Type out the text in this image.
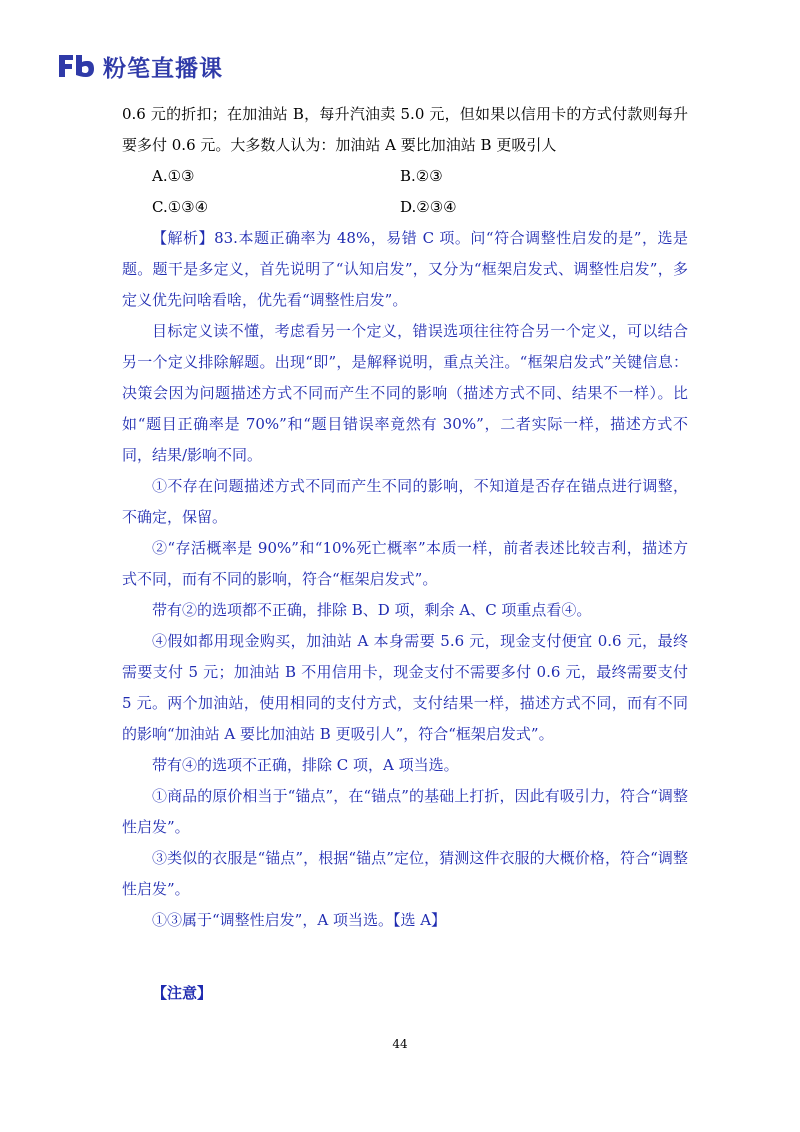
粉笔直播课

0.6 元的折扣；在加油站 B，每升汽油卖 5.0 元，但如果以信用卡的方式付款则每升要多付 0.6 元。大多数人认为：加油站 A 要比加油站 B 更吸引人

A.①③	B.②③
C.①③④	D.②③④

【解析】83.本题正确率为 48%，易错 C 项。问“符合调整性启发的是”，选是题。题干是多定义，首先说明了“认知启发”，又分为“框架启发式、调整性启发”，多定义优先问啥看啥，优先看“调整性启发”。

目标定义读不懂，考虑看另一个定义，错误选项往往符合另一个定义，可以结合另一个定义排除解题。出现“即”，是解释说明，重点关注。“框架启发式”关键信息：决策会因为问题描述方式不同而产生不同的影响（描述方式不同、结果不一样）。比如“题目正确率是 70%”和“题目错误率竟然有 30%”，二者实际一样，描述方式不同，结果/影响不同。

①不存在问题描述方式不同而产生不同的影响，不知道是否存在锚点进行调整，不确定，保留。

②“存活概率是 90%”和“10%死亡概率”本质一样，前者表述比较吉利，描述方式不同，而有不同的影响，符合“框架启发式”。

带有②的选项都不正确，排除 B、D 项，剩余 A、C 项重点看④。

④假如都用现金购买，加油站 A 本身需要 5.6 元，现金支付便宜 0.6 元，最终需要支付 5 元；加油站 B 不用信用卡，现金支付不需要多付 0.6 元，最终需要支付 5 元。两个加油站，使用相同的支付方式，支付结果一样，描述方式不同，而有不同的影响“加油站 A 要比加油站 B 更吸引人”，符合“框架启发式”。

带有④的选项不正确，排除 C 项，A 项当选。

①商品的原价相当于“锚点”，在“锚点”的基础上打折，因此有吸引力，符合“调整性启发”。

③类似的衣服是“锚点”，根据“锚点”定位，猜测这件衣服的大概价格，符合“调整性启发”。

①③属于“调整性启发”，A 项当选。【选 A】

【注意】
44
